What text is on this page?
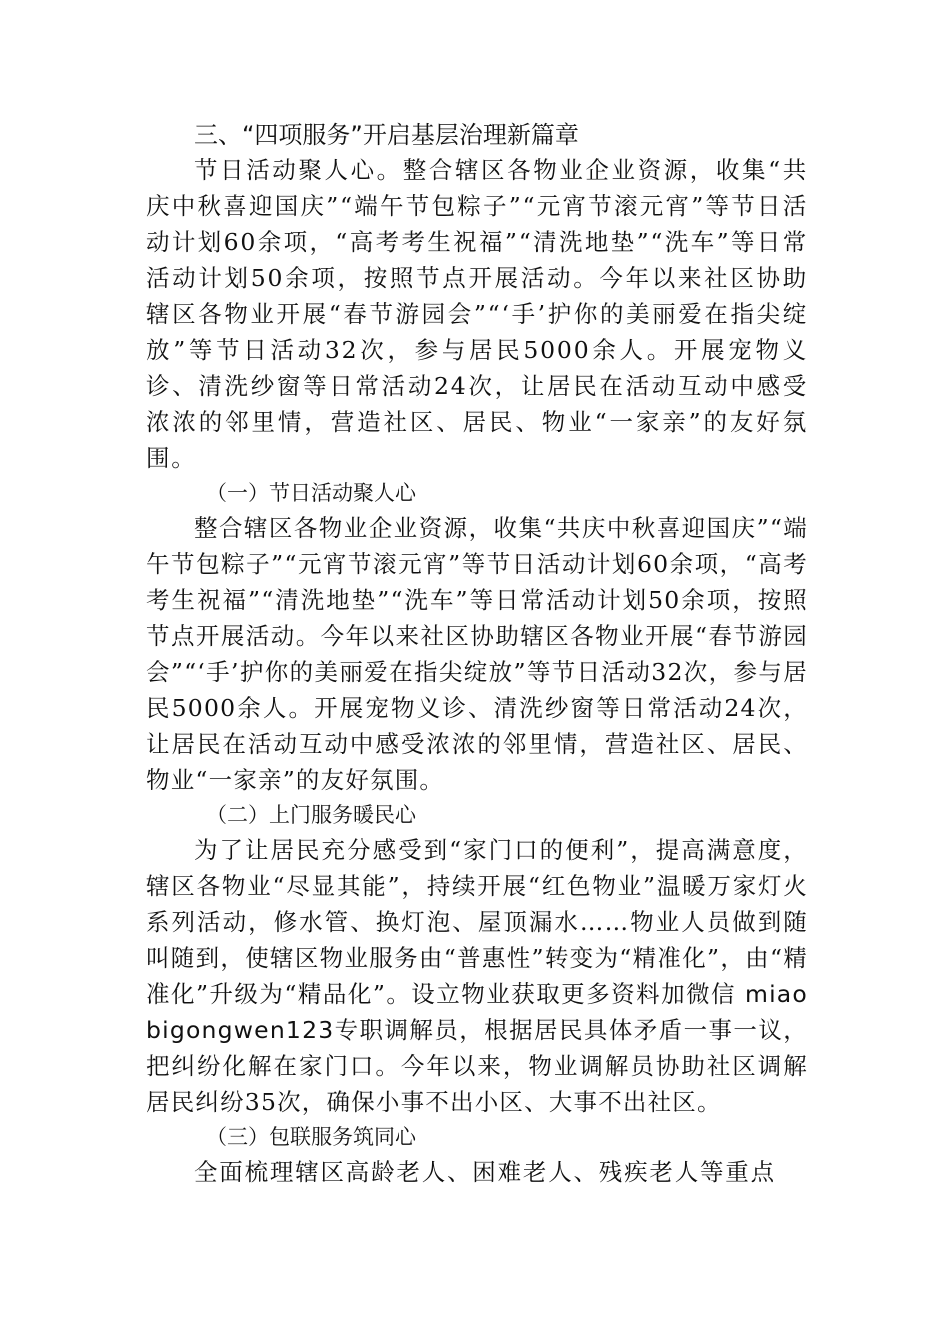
三、“四项服务”开启基层治理新篇章

节日活动聚人心。整合辖区各物业企业资源，收集“共庆中秋喜迎国庆”“端午节包粽子”“元宵节滚元宵”等节日活动计划60余项，“高考考生祝福”“清洗地垫”“洗车”等日常活动计划50余项，按照节点开展活动。今年以来社区协助辖区各物业开展“春节游园会”“‘手’护你的美丽爱在指尖绽放”等节日活动32次，参与居民5000余人。开展宠物义诊、清洗纱窗等日常活动24次，让居民在活动互动中感受浓浓的邻里情，营造社区、居民、物业“一家亲”的友好氛围。

（一）节日活动聚人心

整合辖区各物业企业资源，收集“共庆中秋喜迎国庆”“端午节包粽子”“元宵节滚元宵”等节日活动计划60余项，“高考考生祝福”“清洗地垫”“洗车”等日常活动计划50余项，按照节点开展活动。今年以来社区协助辖区各物业开展“春节游园会”“‘手’护你的美丽爱在指尖绽放”等节日活动32次，参与居民5000余人。开展宠物义诊、清洗纱窗等日常活动24次，让居民在活动互动中感受浓浓的邻里情，营造社区、居民、物业“一家亲”的友好氛围。

（二）上门服务暖民心

为了让居民充分感受到“家门口的便利”，提高满意度，辖区各物业“尽显其能”，持续开展“红色物业”温暖万家灯火系列活动，修水管、换灯泡、屋顶漏水……物业人员做到随叫随到，使辖区物业服务由“普惠性”转变为“精准化”，由“精准化”升级为“精品化”。设立物业获取更多资料加微信 miaobigongwen123专职调解员，根据居民具体矛盾一事一议，把纠纷化解在家门口。今年以来，物业调解员协助社区调解居民纠纷35次，确保小事不出小区、大事不出社区。

（三）包联服务筑同心

全面梳理辖区高龄老人、困难老人、残疾老人等重点
